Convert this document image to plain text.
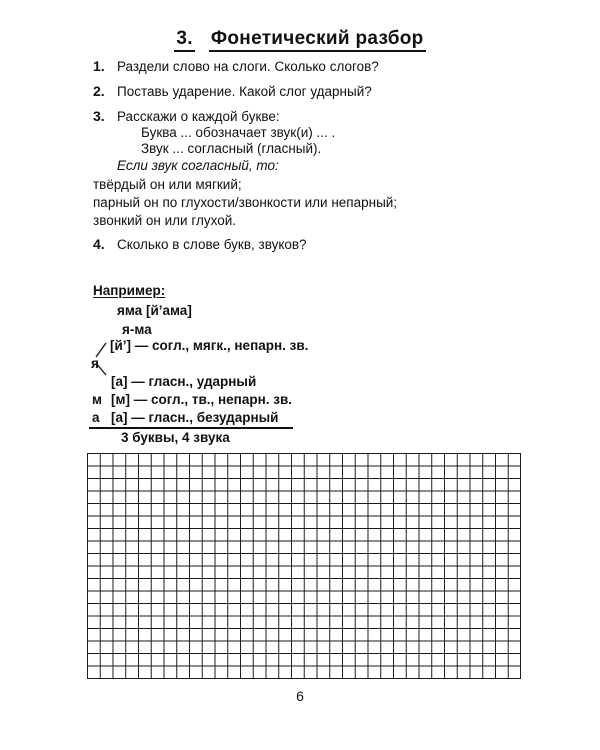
3. Фонетический разбор
1. Раздели слово на слоги. Сколько слогов?
2. Поставь ударение. Какой слог ударный?
3. Расскажи о каждой букве:
Буква ... обозначает звук(и) ... .
Звук ... согласный (гласный).
Если звук согласный, то:
твёрдый он или мягкий;
парный он по глухости/звонкости или непарный;
звонкий он или глухой.
4. Сколько в слове букв, звуков?
Например:
яма [й’ама]
я-ма
[й’] — согл., мягк., непарн. зв.
я
[а] — гласн., ударный
м [м] — согл., тв., непарн. зв.
а [а] — гласн., безударный
3 буквы, 4 звука
6
